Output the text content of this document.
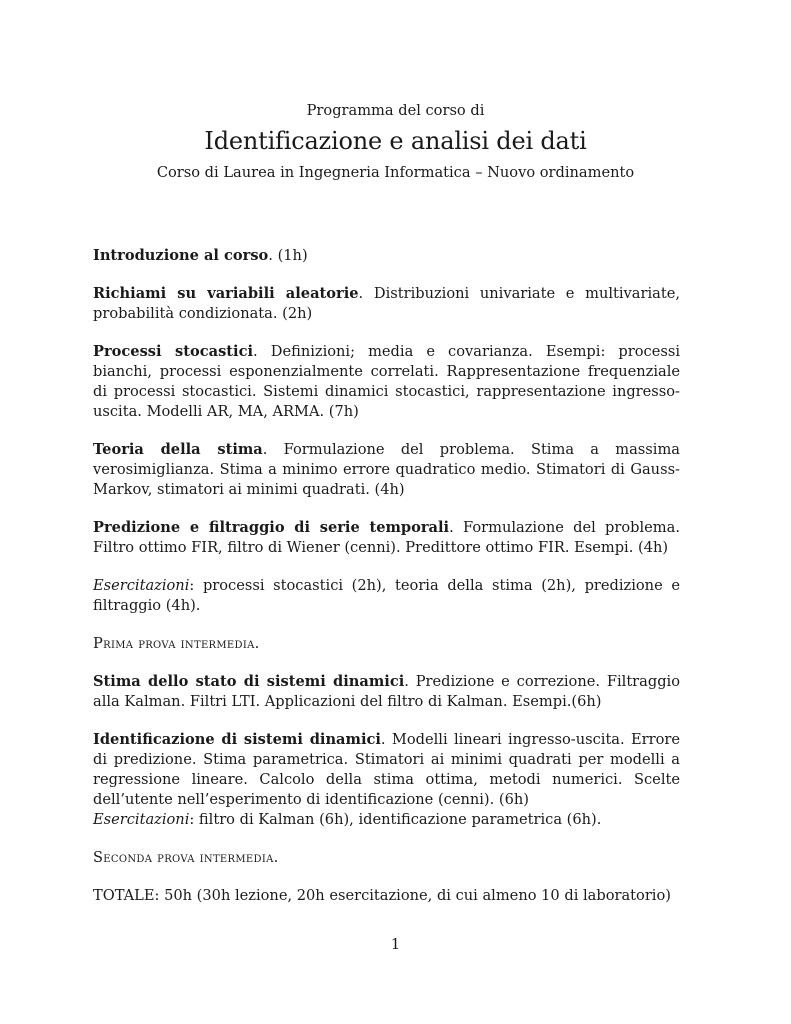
Programma del corso di
Identificazione e analisi dei dati
Corso di Laurea in Ingegneria Informatica – Nuovo ordinamento

Introduzione al corso. (1h)

Richiami su variabili aleatorie. Distribuzioni univariate e multivariate, probabilità condizionata. (2h)

Processi stocastici. Definizioni; media e covarianza. Esempi: processi bianchi, processi esponenzialmente correlati. Rappresentazione frequenziale di processi stocastici. Sistemi dinamici stocastici, rappresentazione ingresso-uscita. Modelli AR, MA, ARMA. (7h)

Teoria della stima. Formulazione del problema. Stima a massima verosimiglianza. Stima a minimo errore quadratico medio. Stimatori di Gauss-Markov, stimatori ai minimi quadrati. (4h)

Predizione e filtraggio di serie temporali. Formulazione del problema. Filtro ottimo FIR, filtro di Wiener (cenni). Predittore ottimo FIR. Esempi. (4h)

Esercitazioni: processi stocastici (2h), teoria della stima (2h), predizione e filtraggio (4h).

Prima prova intermedia.

Stima dello stato di sistemi dinamici. Predizione e correzione. Filtraggio alla Kalman. Filtri LTI. Applicazioni del filtro di Kalman. Esempi.(6h)

Identificazione di sistemi dinamici. Modelli lineari ingresso-uscita. Errore di predizione. Stima parametrica. Stimatori ai minimi quadrati per modelli a regressione lineare. Calcolo della stima ottima, metodi numerici. Scelte dell’utente nell’esperimento di identificazione (cenni). (6h)

Esercitazioni: filtro di Kalman (6h), identificazione parametrica (6h).

Seconda prova intermedia.

TOTALE: 50h (30h lezione, 20h esercitazione, di cui almeno 10 di laboratorio)

1
